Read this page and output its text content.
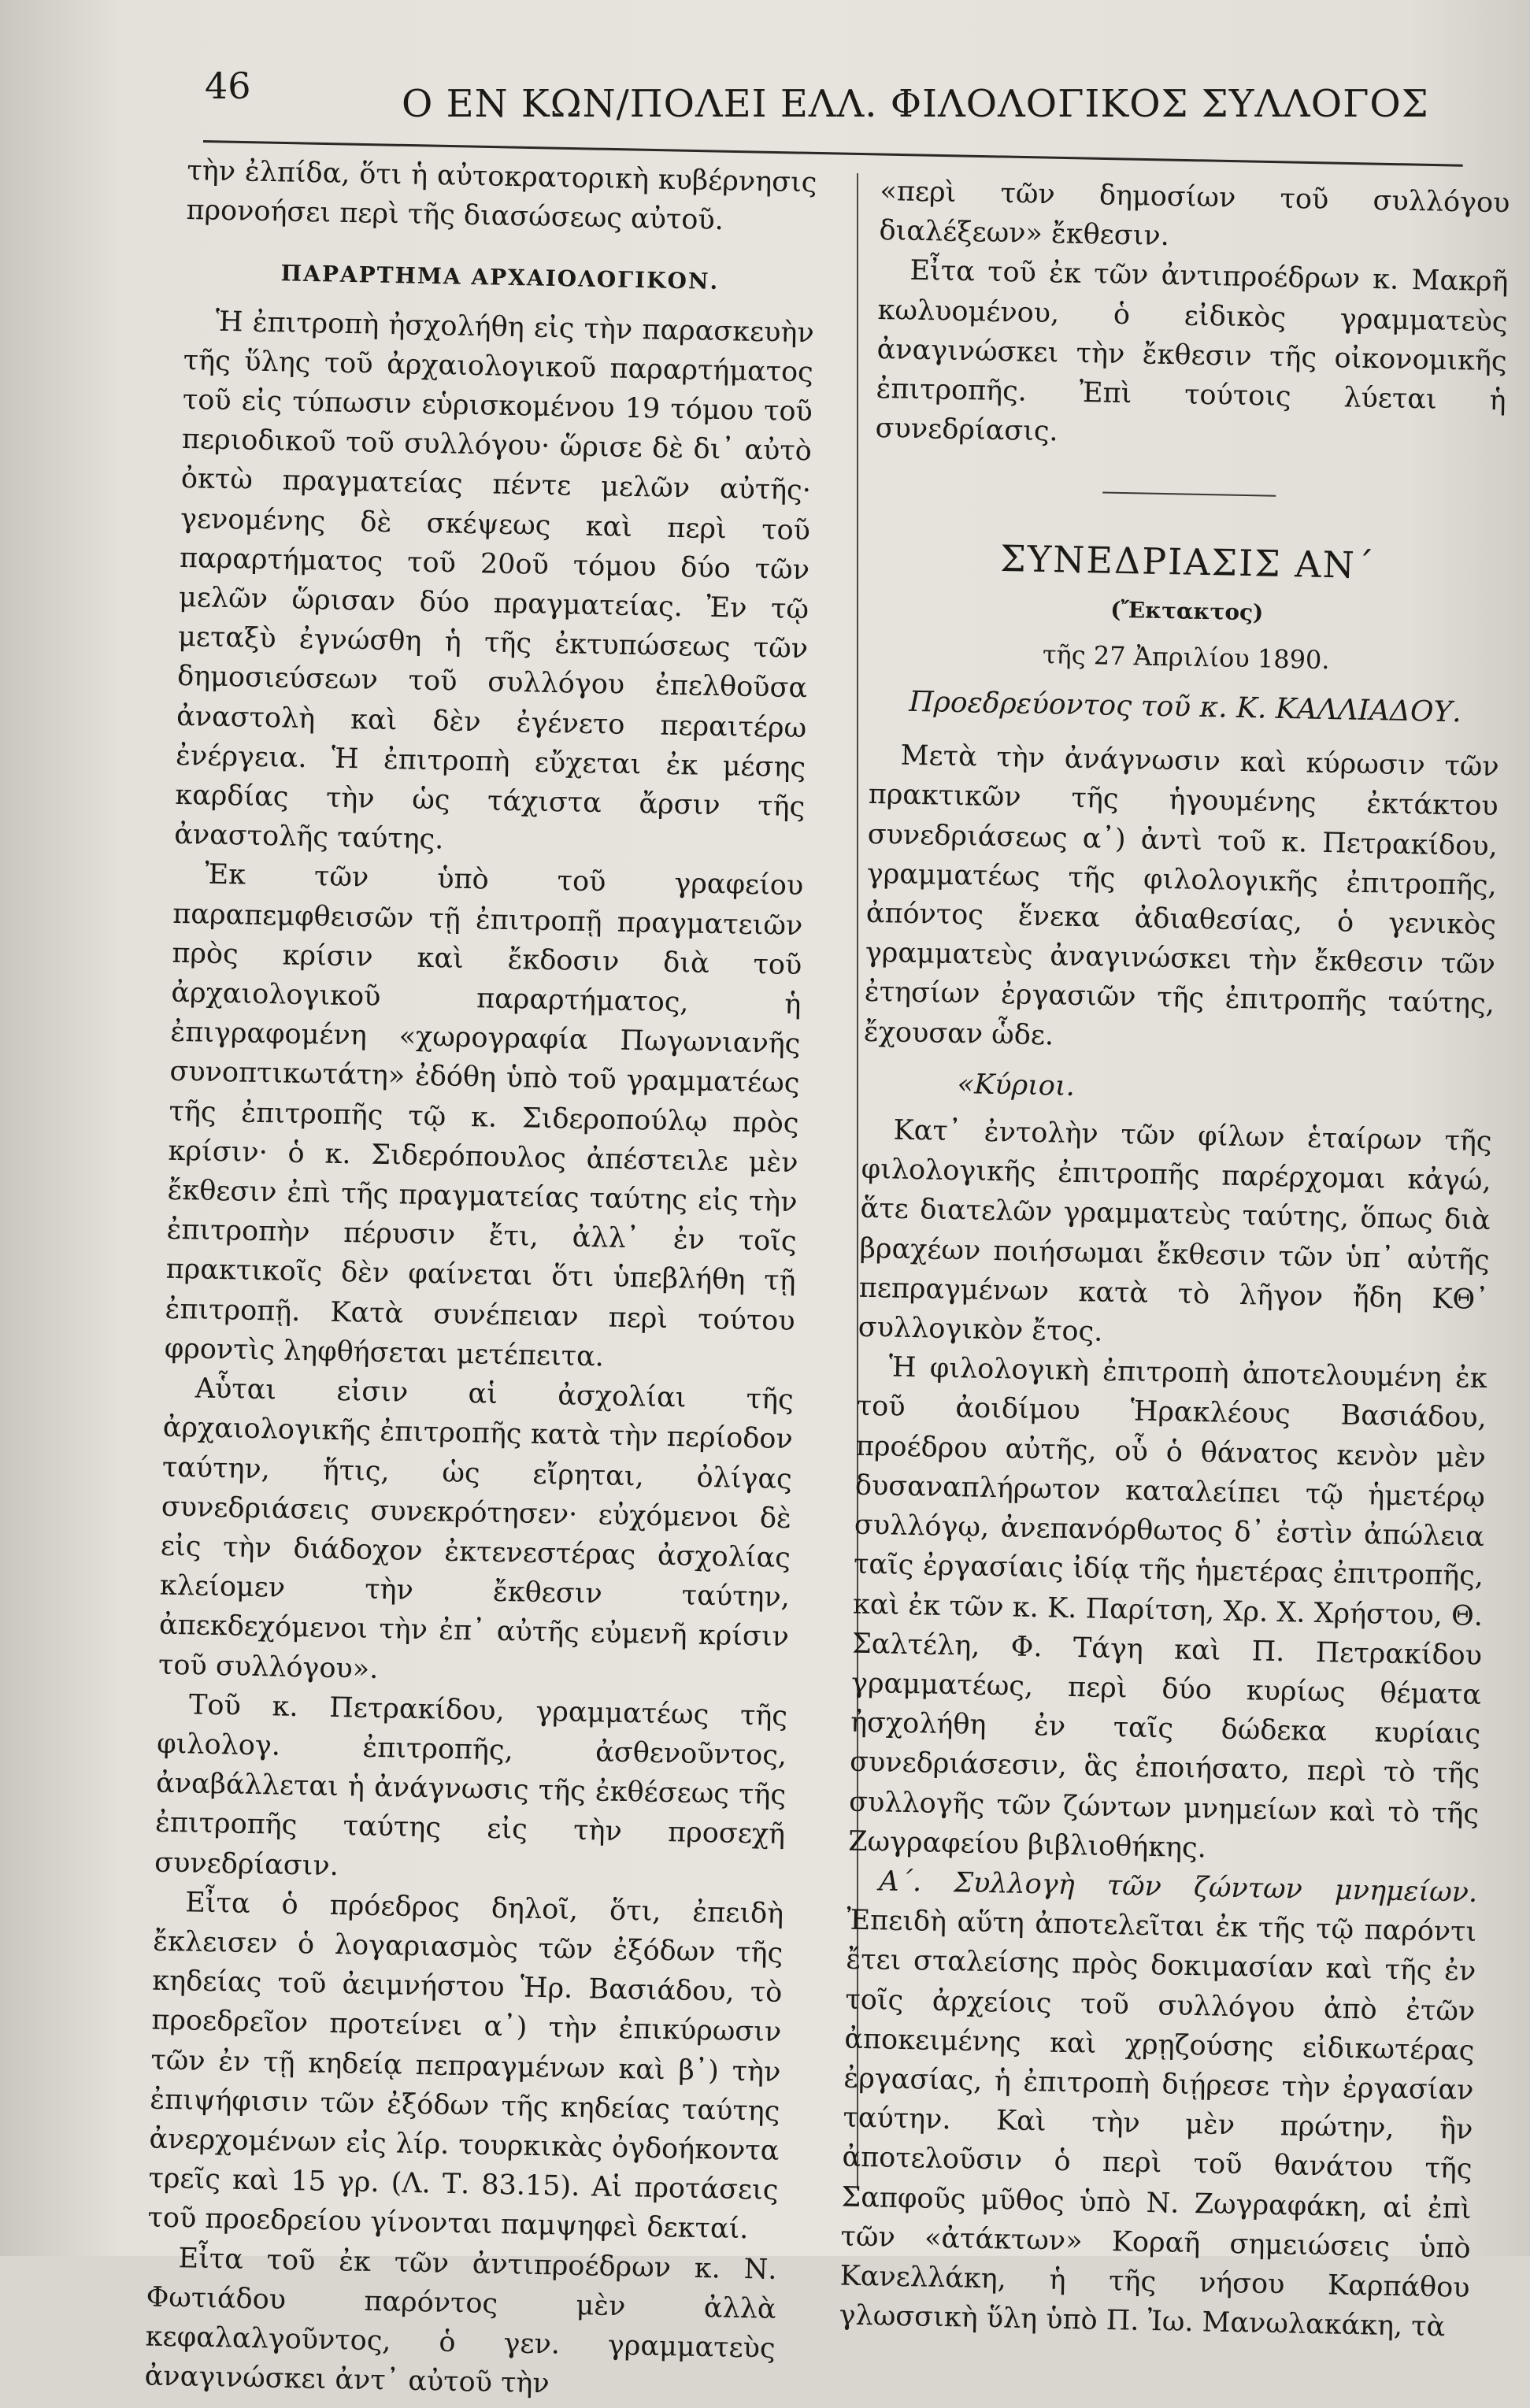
46	Ο ΕΝ ΚΩΝ/ΠΟΛΕΙ ΕΛΛ. ΦΙΛΟΛΟΓΙΚΟΣ ΣΥΛΛΟΓΟΣ

τὴν ἐλπίδα, ὅτι ἡ αὐτοκρατορικὴ κυβέρνησις προνοήσει περὶ τῆς διασώσεως αὐτοῦ.

ΠΑΡΑΡΤΗΜΑ ΑΡΧΑΙΟΛΟΓΙΚΟΝ.

Ἡ ἐπιτροπὴ ἠσχολήθη εἰς τὴν παρασκευὴν τῆς ὕλης τοῦ ἀρχαιολογικοῦ παραρτήματος τοῦ εἰς τύπωσιν εὑρισκομένου 19 τόμου τοῦ περιοδικοῦ τοῦ συλλόγου· ὥρισε δὲ δι᾽ αὐτὸ ὀκτὼ πραγματείας πέντε μελῶν αὐτῆς· γενομένης δὲ σκέψεως καὶ περὶ τοῦ παραρτήματος τοῦ 20οῦ τόμου δύο τῶν μελῶν ὥρισαν δύο πραγματείας. Ἐν τῷ μεταξὺ ἐγνώσθη ἡ τῆς ἐκτυπώσεως τῶν δημοσιεύσεων τοῦ συλλόγου ἐπελθοῦσα ἀναστολὴ καὶ δὲν ἐγένετο περαιτέρω ἐνέργεια. Ἡ ἐπιτροπὴ εὔχεται ἐκ μέσης καρδίας τὴν ὡς τάχιστα ἄρσιν τῆς ἀναστολῆς ταύτης.

Ἐκ τῶν ὑπὸ τοῦ γραφείου παραπεμφθεισῶν τῇ ἐπιτροπῇ πραγματειῶν πρὸς κρίσιν καὶ ἔκδοσιν διὰ τοῦ ἀρχαιολογικοῦ παραρτήματος, ἡ ἐπιγραφομένη «χωρογραφία Πωγωνιανῆς συνοπτικωτάτη» ἐδόθη ὑπὸ τοῦ γραμματέως τῆς ἐπιτροπῆς τῷ κ. Σιδεροπούλῳ πρὸς κρίσιν· ὁ κ. Σιδερόπουλος ἀπέστειλε μὲν ἔκθεσιν ἐπὶ τῆς πραγματείας ταύτης εἰς τὴν ἐπιτροπὴν πέρυσιν ἔτι, ἀλλ᾽ ἐν τοῖς πρακτικοῖς δὲν φαίνεται ὅτι ὑπεβλήθη τῇ ἐπιτροπῇ. Κατὰ συνέπειαν περὶ τούτου φροντὶς ληφθήσεται μετέπειτα.

Αὗται εἰσιν αἱ ἀσχολίαι τῆς ἀρχαιολογικῆς ἐπιτροπῆς κατὰ τὴν περίοδον ταύτην, ἥτις, ὡς εἴρηται, ὀλίγας συνεδριάσεις συνεκρότησεν· εὐχόμενοι δὲ εἰς τὴν διάδοχον ἐκτενεστέρας ἀσχολίας κλείομεν τὴν ἔκθεσιν ταύτην, ἀπεκδεχόμενοι τὴν ἐπ᾽ αὐτῆς εὐμενῆ κρίσιν τοῦ συλλόγου».

Τοῦ κ. Πετρακίδου, γραμματέως τῆς φιλολογ. ἐπιτροπῆς, ἀσθενοῦντος, ἀναβάλλεται ἡ ἀνάγνωσις τῆς ἐκθέσεως τῆς ἐπιτροπῆς ταύτης εἰς τὴν προσεχῆ συνεδρίασιν.

Εἶτα ὁ πρόεδρος δηλοῖ, ὅτι, ἐπειδὴ ἔκλεισεν ὁ λογαριασμὸς τῶν ἐξόδων τῆς κηδείας τοῦ ἀειμνήστου Ἡρ. Βασιάδου, τὸ προεδρεῖον προτείνει α᾽) τὴν ἐπικύρωσιν τῶν ἐν τῇ κηδείᾳ πεπραγμένων καὶ β᾽) τὴν ἐπιψήφισιν τῶν ἐξόδων τῆς κηδείας ταύτης ἀνερχομένων εἰς λίρ. τουρκικὰς ὀγδοήκοντα τρεῖς καὶ 15 γρ. (Λ. Τ. 83.15). Αἱ προτάσεις τοῦ προεδρείου γίνονται παμψηφεὶ δεκταί.

Εἶτα τοῦ ἐκ τῶν ἀντιπροέδρων κ. Ν. Φωτιάδου παρόντος μὲν ἀλλὰ κεφαλαλγοῦντος, ὁ γεν. γραμματεὺς ἀναγινώσκει ἀντ᾽ αὐτοῦ τὴν

«περὶ τῶν δημοσίων τοῦ συλλόγου διαλέξεων» ἔκθεσιν.

Εἶτα τοῦ ἐκ τῶν ἀντιπροέδρων κ. Μακρῆ κωλυομένου, ὁ εἰδικὸς γραμματεὺς ἀναγινώσκει τὴν ἔκθεσιν τῆς οἰκονομικῆς ἐπιτροπῆς. Ἐπὶ τούτοις λύεται ἡ συνεδρίασις.

ΣΥΝΕΔΡΙΑΣΙΣ ΑΝ΄
(Ἔκτακτος)
τῆς 27 Ἀπριλίου 1890.
Προεδρεύοντος τοῦ κ. Κ. ΚΑΛΛΙΑΔΟΥ.

Μετὰ τὴν ἀνάγνωσιν καὶ κύρωσιν τῶν πρακτικῶν τῆς ἡγουμένης ἐκτάκτου συνεδριάσεως α᾽) ἀντὶ τοῦ κ. Πετρακίδου, γραμματέως τῆς φιλολογικῆς ἐπιτροπῆς, ἀπόντος ἕνεκα ἀδιαθεσίας, ὁ γενικὸς γραμματεὺς ἀναγινώσκει τὴν ἔκθεσιν τῶν ἐτησίων ἐργασιῶν τῆς ἐπιτροπῆς ταύτης, ἔχουσαν ὧδε.

«Κύριοι.

Κατ᾽ ἐντολὴν τῶν φίλων ἑταίρων τῆς φιλολογικῆς ἐπιτροπῆς παρέρχομαι κἀγώ, ἅτε διατελῶν γραμματεὺς ταύτης, ὅπως διὰ βραχέων ποιήσωμαι ἔκθεσιν τῶν ὑπ᾽ αὐτῆς πεπραγμένων κατὰ τὸ λῆγον ἤδη ΚΘ᾽ συλλογικὸν ἔτος.

Ἡ φιλολογικὴ ἐπιτροπὴ ἀποτελουμένη ἐκ τοῦ ἀοιδίμου Ἡρακλέους Βασιάδου, προέδρου αὐτῆς, οὗ ὁ θάνατος κενὸν μὲν δυσαναπλήρωτον καταλείπει τῷ ἡμετέρῳ συλλόγῳ, ἀνεπανόρθωτος δ᾽ ἐστὶν ἀπώλεια ταῖς ἐργασίαις ἰδίᾳ τῆς ἡμετέρας ἐπιτροπῆς, καὶ ἐκ τῶν κ. Κ. Παρίτση, Χρ. Χ. Χρήστου, Θ. Σαλτέλη, Φ. Τάγη καὶ Π. Πετρακίδου γραμματέως, περὶ δύο κυρίως θέματα ἠσχολήθη ἐν ταῖς δώδεκα κυρίαις συνεδριάσεσιν, ἃς ἐποιήσατο, περὶ τὸ τῆς συλλογῆς τῶν ζώντων μνημείων καὶ τὸ τῆς Ζωγραφείου βιβλιοθήκης.

Α΄. Συλλογὴ τῶν ζώντων μνημείων. Ἐπειδὴ αὕτη ἀποτελεῖται ἐκ τῆς τῷ παρόντι ἔτει σταλείσης πρὸς δοκιμασίαν καὶ τῆς ἐν τοῖς ἀρχείοις τοῦ συλλόγου ἀπὸ ἐτῶν ἀποκειμένης καὶ χρῃζούσης εἰδικωτέρας ἐργασίας, ἡ ἐπιτροπὴ διῄρεσε τὴν ἐργασίαν ταύτην. Καὶ τὴν μὲν πρώτην, ἣν ἀποτελοῦσιν ὁ περὶ τοῦ θανάτου τῆς Σαπφοῦς μῦθος ὑπὸ Ν. Ζωγραφάκη, αἱ ἐπὶ τῶν «ἀτάκτων» Κοραῆ σημειώσεις ὑπὸ Κανελλάκη, ἡ τῆς νήσου Καρπάθου γλωσσικὴ ὕλη ὑπὸ Π. Ἰω. Μανωλακάκη, τὰ
